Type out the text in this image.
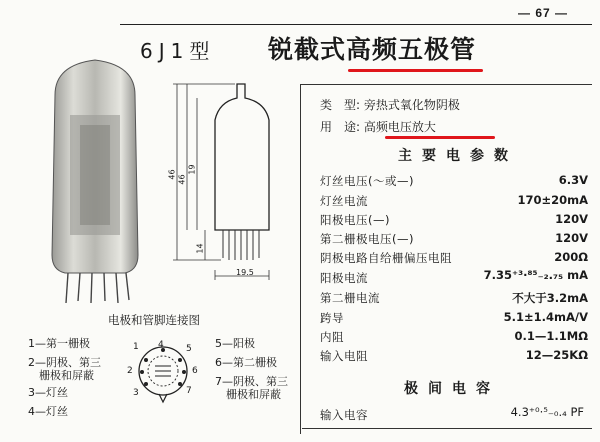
— 67 —
6J1型 锐截式高频五极管
46 46
19
14
19.5
电极和管脚连接图
1
2
3
4 5
6
7
1—第一栅极
2—阴极、第三
　栅极和屏蔽
3—灯丝
4—灯丝
5—阳极
6—第二栅极
7—阴极、第三
　栅极和屏蔽
类　型: 旁热式氧化物阴极
用　途: 高频电压放大
主要电参数
灯丝电压(～或—)	6.3V
灯丝电流	170±20mA
阳极电压(—)	120V
第二栅极电压(—)	120V
阴极电路自给栅偏压电阻	200Ω
阳极电流	7.35⁺³·⁸⁵₋₂.₇₅ mA
第二栅电流	不大于3.2mA
跨导	5.1±1.4mA/V
内阻	0.1—1.1MΩ
输入电阻	12—25KΩ
极间电容
输入电容	4.3⁺⁰·⁵₋₀.₄ PF
